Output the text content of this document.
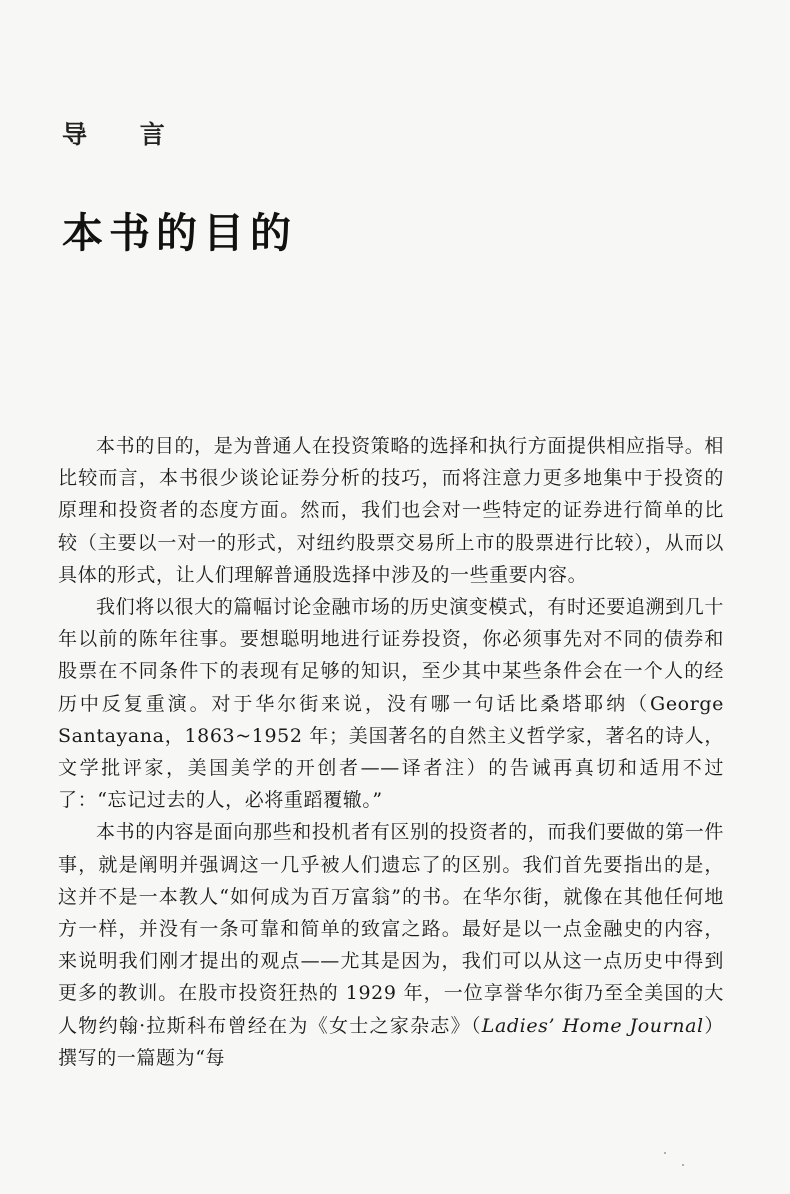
导 言
本书的目的

本书的目的，是为普通人在投资策略的选择和执行方面提供相应指导。相比较而言，本书很少谈论证券分析的技巧，而将注意力更多地集中于投资的原理和投资者的态度方面。然而，我们也会对一些特定的证券进行简单的比较（主要以一对一的形式，对纽约股票交易所上市的股票进行比较），从而以具体的形式，让人们理解普通股选择中涉及的一些重要内容。

我们将以很大的篇幅讨论金融市场的历史演变模式，有时还要追溯到几十年以前的陈年往事。要想聪明地进行证券投资，你必须事先对不同的债券和股票在不同条件下的表现有足够的知识，至少其中某些条件会在一个人的经历中反复重演。对于华尔街来说，没有哪一句话比桑塔耶纳（George Santayana，1863~1952 年；美国著名的自然主义哲学家，著名的诗人，文学批评家，美国美学的开创者——译者注）的告诫再真切和适用不过了：“忘记过去的人，必将重蹈覆辙。”

本书的内容是面向那些和投机者有区别的投资者的，而我们要做的第一件事，就是阐明并强调这一几乎被人们遗忘了的区别。我们首先要指出的是，这并不是一本教人“如何成为百万富翁”的书。在华尔街，就像在其他任何地方一样，并没有一条可靠和简单的致富之路。最好是以一点金融史的内容，来说明我们刚才提出的观点——尤其是因为，我们可以从这一点历史中得到更多的教训。在股市投资狂热的 1929 年，一位享誉华尔街乃至全美国的大人物约翰·拉斯科布曾经在为《女士之家杂志》（Ladies’ Home Journal）撰写的一篇题为“每
